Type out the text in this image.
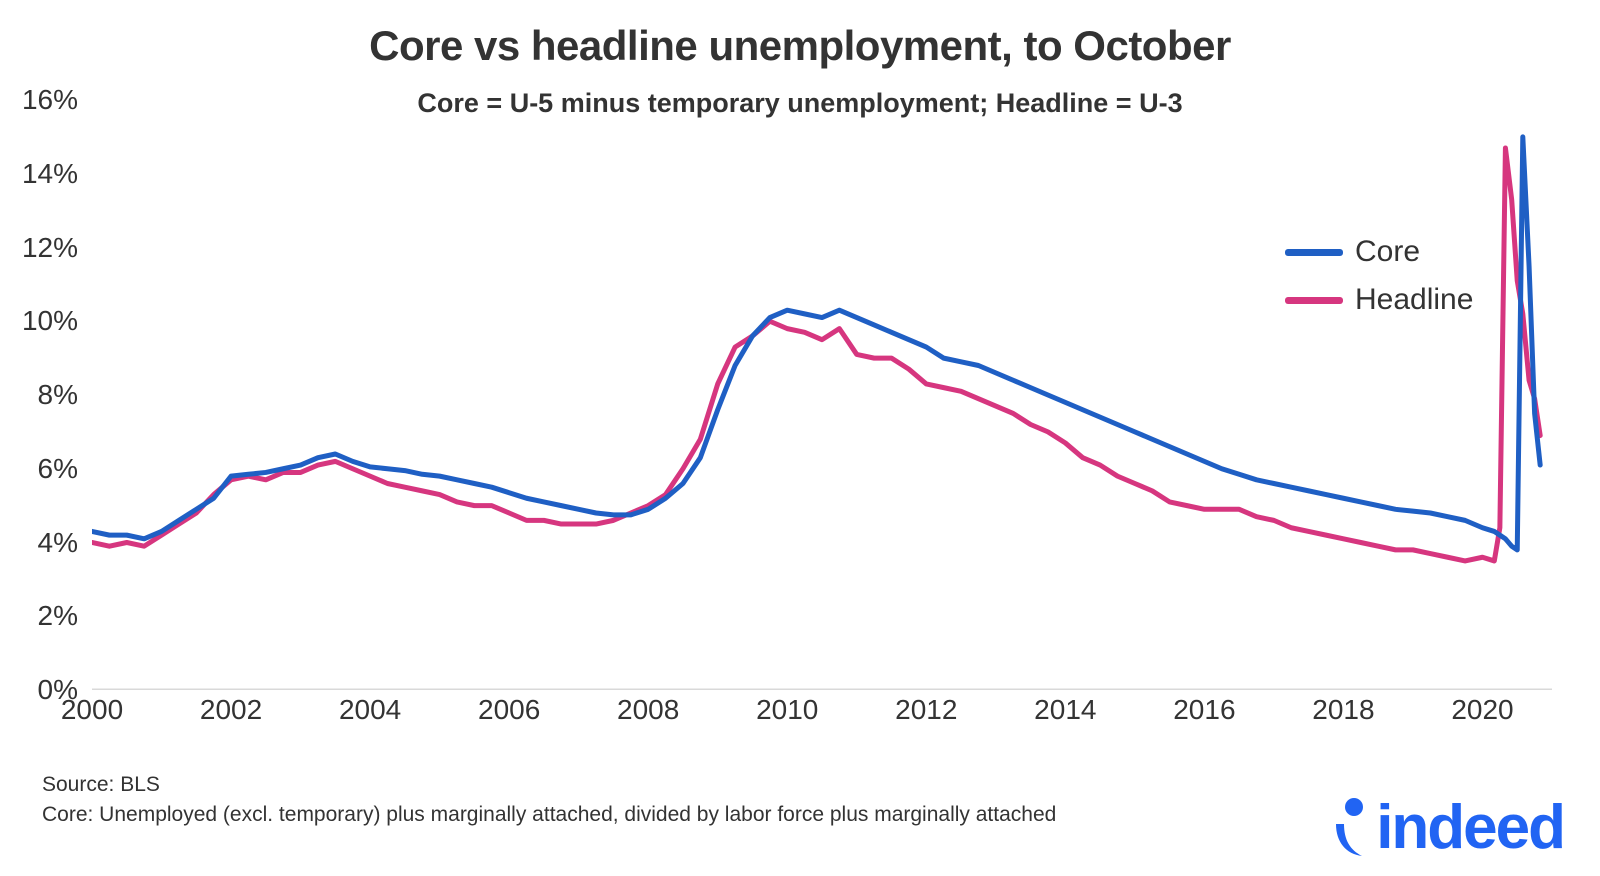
Core vs headline unemployment, to October
Core = U-5 minus temporary unemployment; Headline = U-3
0%
2%
4%
6%
8%
10%
12%
14%
16%
2000	2002	2004	2006	2008	2010	2012	2014	2016	2018	2020
Core
Headline
Source: BLS
Core: Unemployed (excl. temporary) plus marginally attached, divided by labor force plus marginally attached	indeed
